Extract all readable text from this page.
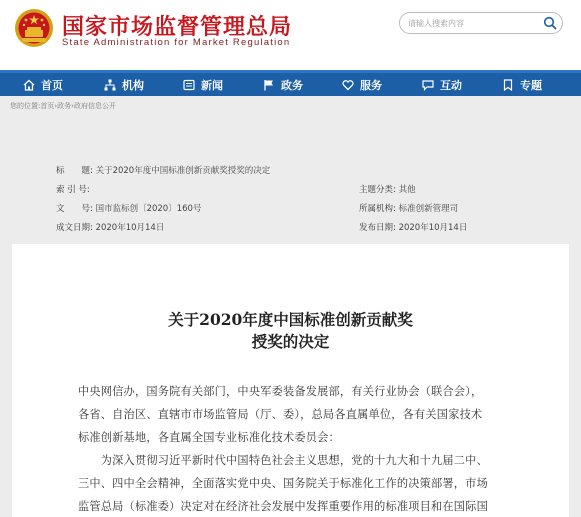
国家市场监督管理总局
State Administration for Market Regulation
请输入搜索内容
首页	机构	新闻	政务	服务	互动	专题
您的位置:首页›政务›政府信息公开
标　　题: 关于2020年度中国标准创新贡献奖授奖的决定
索 引 号:	主题分类: 其他
文　　号: 国市监标创〔2020〕160号	所属机构: 标准创新管理司
成文日期: 2020年10月14日	发布日期: 2020年10月14日
关于2020年度中国标准创新贡献奖
授奖的决定
中央网信办，国务院有关部门，中央军委装备发展部，有关行业协会（联合会），
各省、自治区、直辖市市场监管局（厅、委），总局各直属单位，各有关国家技术
标准创新基地，各直属全国专业标准化技术委员会：
　　为深入贯彻习近平新时代中国特色社会主义思想，党的十九大和十九届二中、
三中、四中全会精神，全面落实党中央、国务院关于标准化工作的决策部署，市场
监管总局（标准委）决定对在经济社会发展中发挥重要作用的标准项目和在国际国
